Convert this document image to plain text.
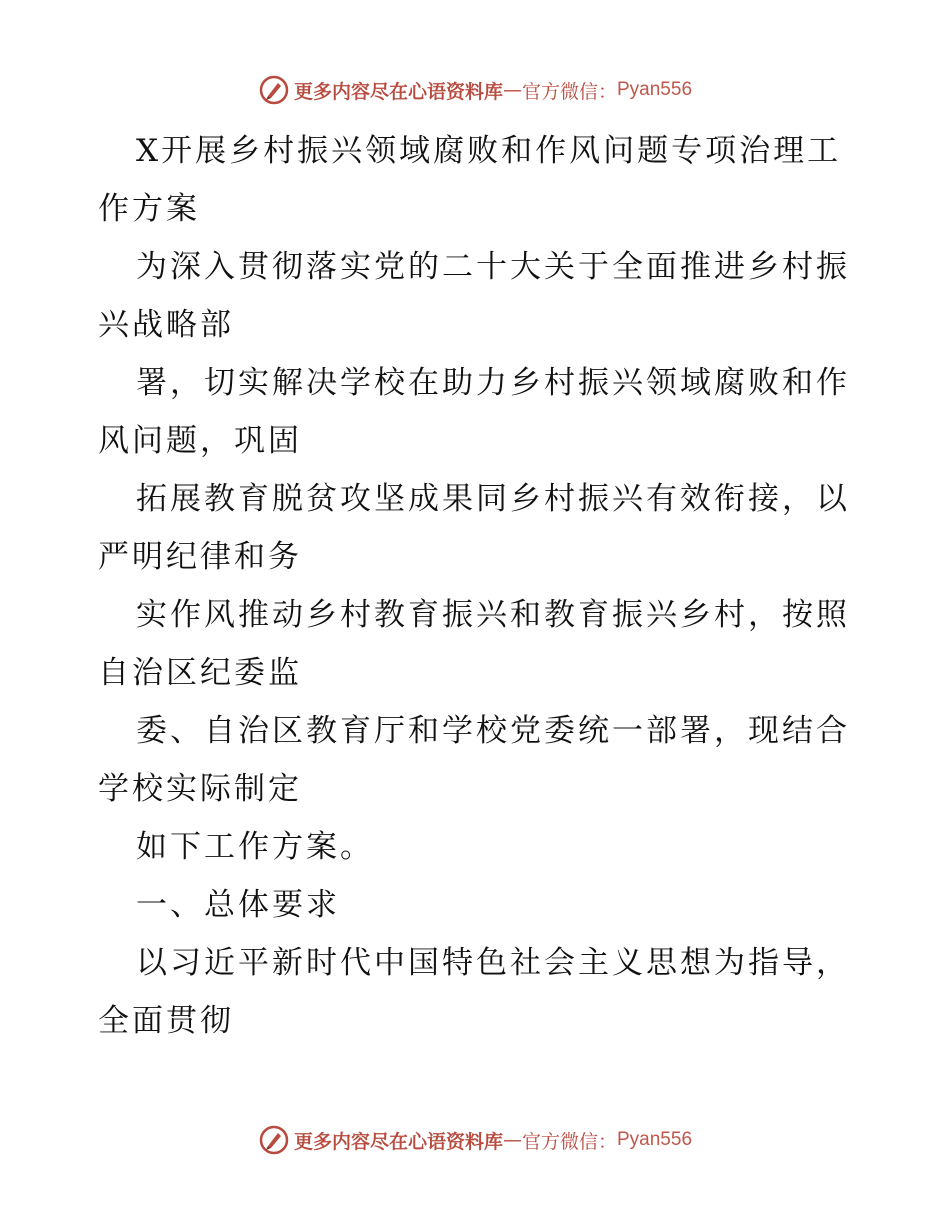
更多内容尽在心语资料库 — 官方微信： Pyan556
X开展乡村振兴领域腐败和作风问题专项治理工
作方案
为深入贯彻落实党的二十大关于全面推进乡村振
兴战略部
署，切实解决学校在助力乡村振兴领域腐败和作
风问题，巩固
拓展教育脱贫攻坚成果同乡村振兴有效衔接，以
严明纪律和务
实作风推动乡村教育振兴和教育振兴乡村，按照
自治区纪委监
委、自治区教育厅和学校党委统一部署，现结合
学校实际制定
如下工作方案。
一、总体要求
以习近平新时代中国特色社会主义思想为指导，
全面贯彻
更多内容尽在心语资料库 — 官方微信： Pyan556
